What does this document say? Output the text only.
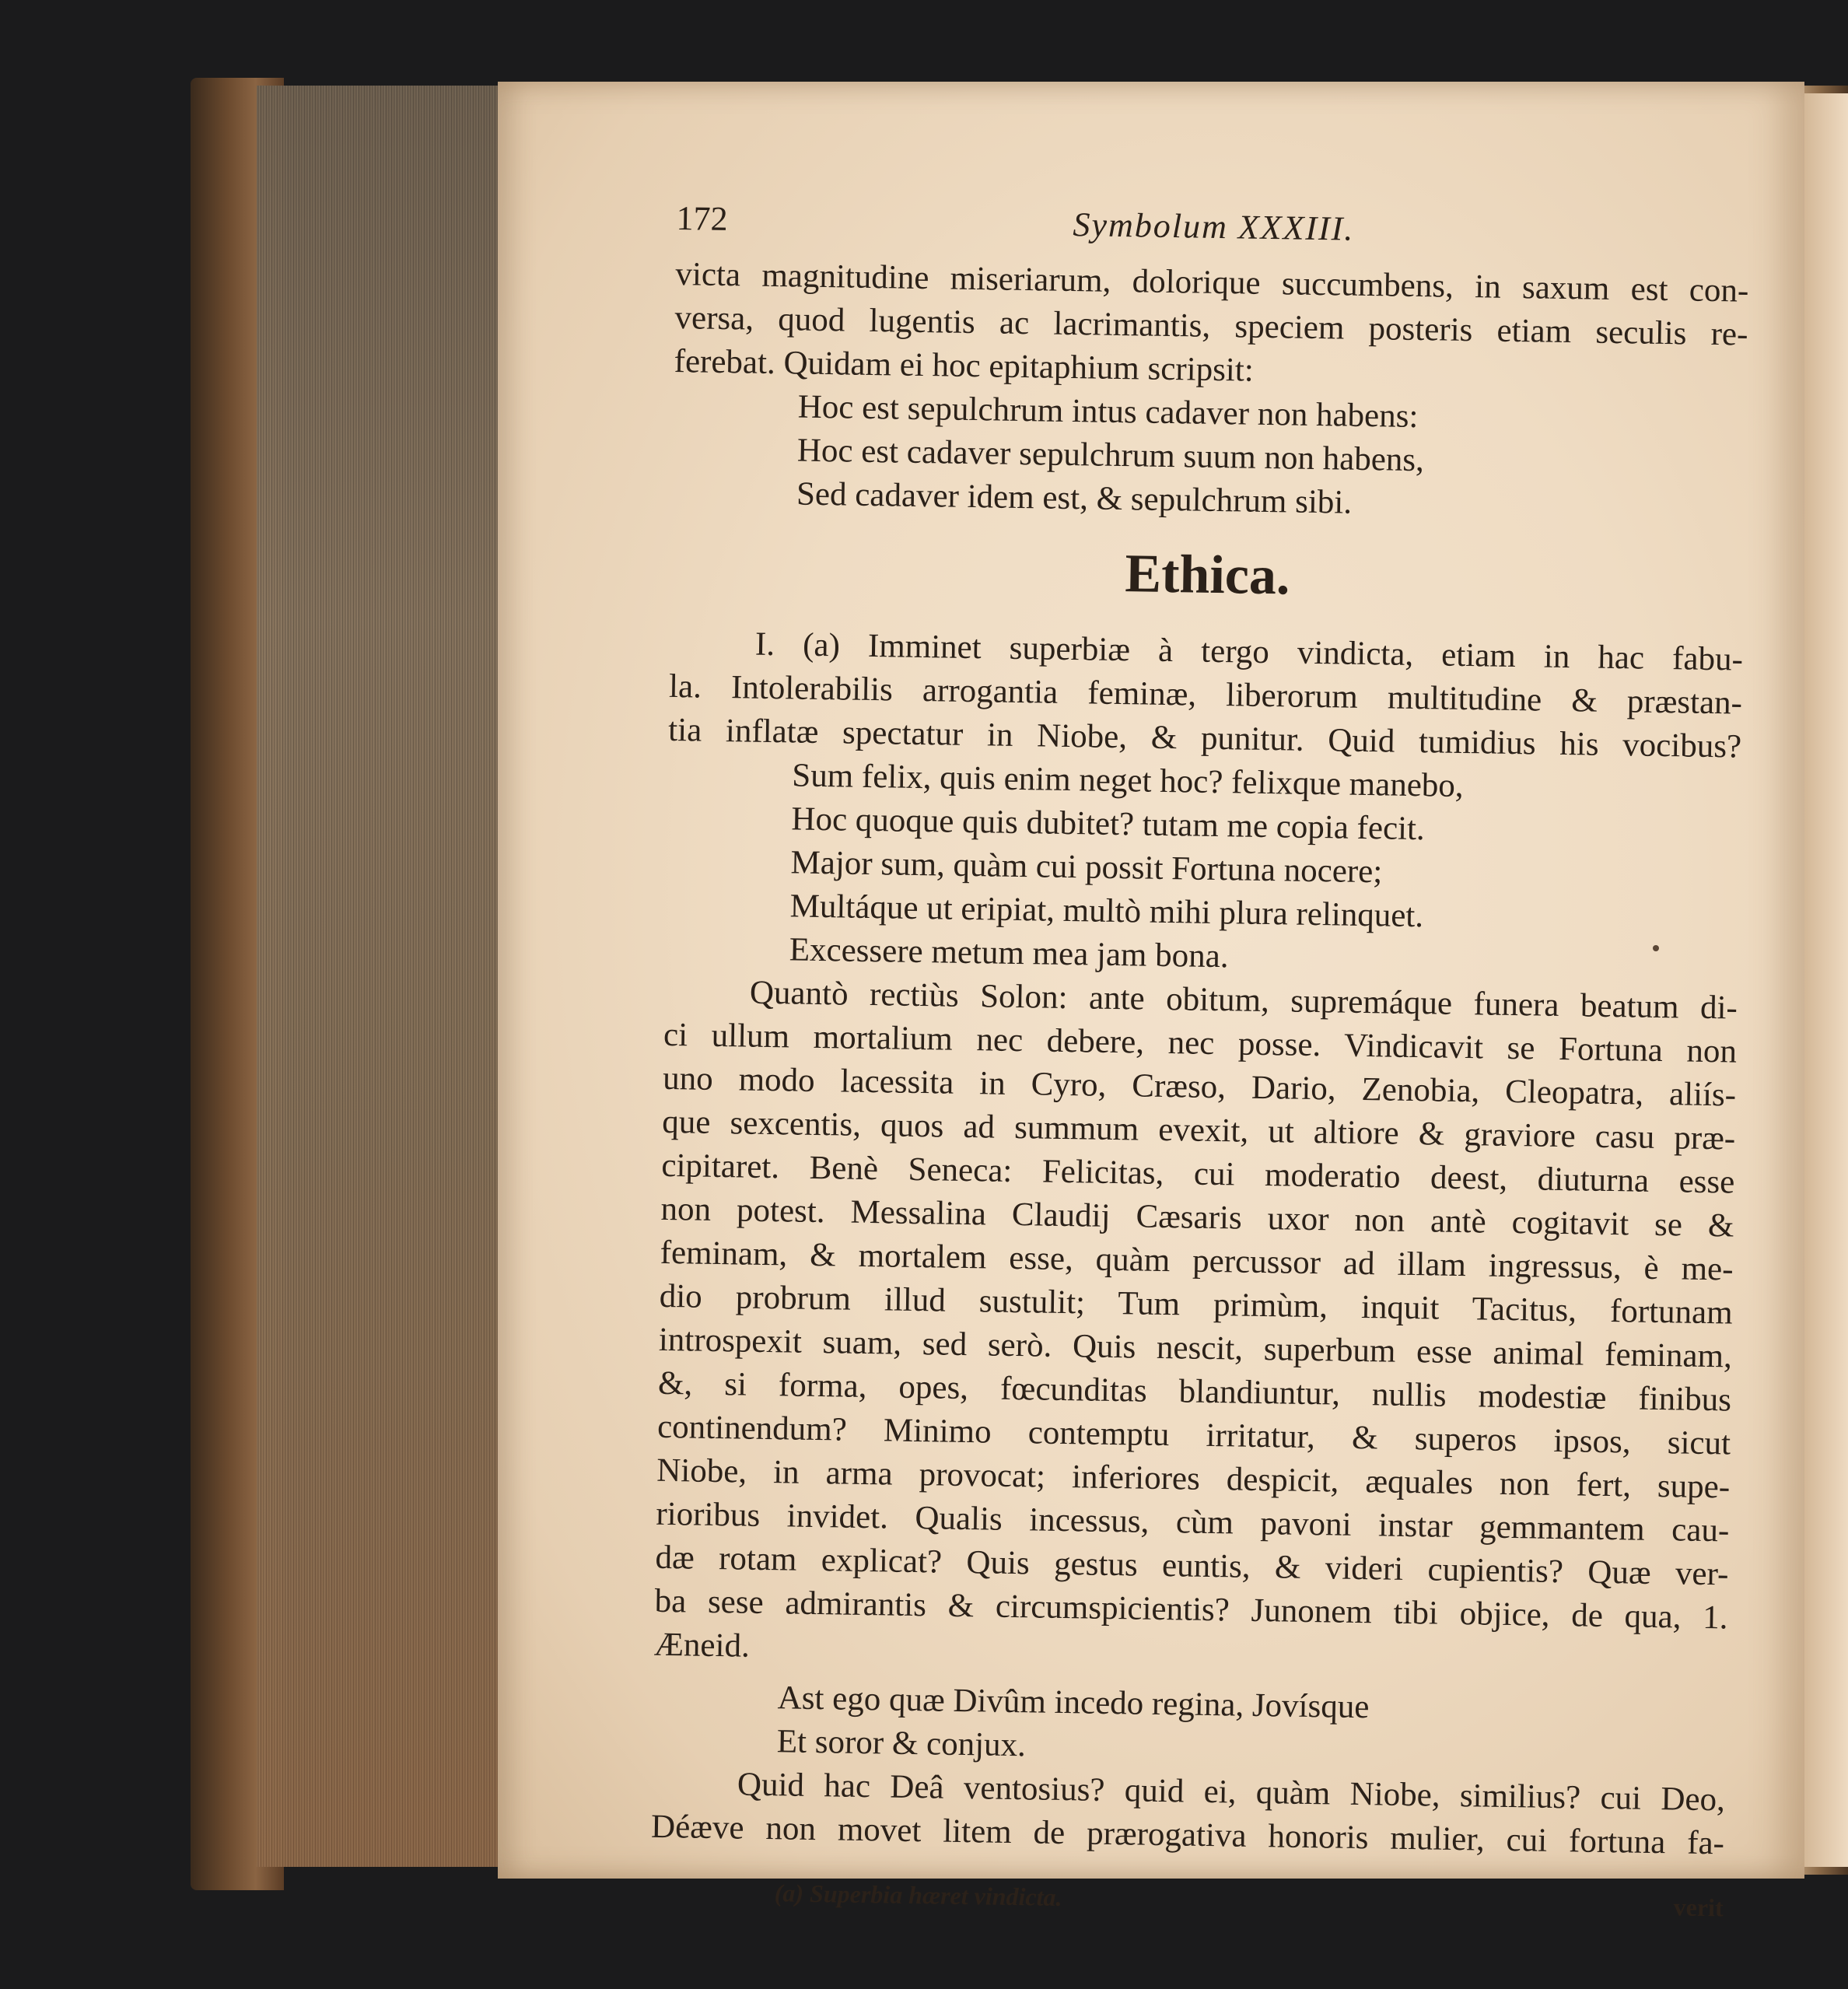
172	Symbolum XXXIII.
victa magnitudine miseriarum, dolorique succumbens, in saxum est con-
versa, quod lugentis ac lacrimantis, speciem posteris etiam seculis re-
ferebat. Quidam ei hoc epitaphium scripsit:
Hoc est sepulchrum intus cadaver non habens:
Hoc est cadaver sepulchrum suum non habens,
Sed cadaver idem est, & sepulchrum sibi.
Ethica.
I. (a) Imminet superbiæ à tergo vindicta, etiam in hac fabu-
la. Intolerabilis arrogantia feminæ, liberorum multitudine & præstan-
tia inflatæ spectatur in Niobe, & punitur. Quid tumidius his vocibus?
Sum felix, quis enim neget hoc? felixque manebo,
Hoc quoque quis dubitet? tutam me copia fecit.
Major sum, quàm cui possit Fortuna nocere;
Multáque ut eripiat, multò mihi plura relinquet.
Excessere metum mea jam bona.
Quantò rectiùs Solon: ante obitum, supremáque funera beatum di-
ci ullum mortalium nec debere, nec posse. Vindicavit se Fortuna non
uno modo lacessita in Cyro, Cræso, Dario, Zenobia, Cleopatra, aliís-
que sexcentis, quos ad summum evexit, ut altiore & graviore casu præ-
cipitaret. Benè Seneca: Felicitas, cui moderatio deest, diuturna esse
non potest. Messalina Claudij Cæsaris uxor non antè cogitavit se &
feminam, & mortalem esse, quàm percussor ad illam ingressus, è me-
dio probrum illud sustulit; Tum primùm, inquit Tacitus, fortunam
introspexit suam, sed serò. Quis nescit, superbum esse animal feminam,
&, si forma, opes, fœcunditas blandiuntur, nullis modestiæ finibus
continendum? Minimo contemptu irritatur, & superos ipsos, sicut
Niobe, in arma provocat; inferiores despicit, æquales non fert, supe-
rioribus invidet. Qualis incessus, cùm pavoni instar gemmantem cau-
dæ rotam explicat? Quis gestus euntis, & videri cupientis? Quæ ver-
ba sese admirantis & circumspicientis? Junonem tibi objice, de qua, 1.
Æneid.
Ast ego quæ Divûm incedo regina, Jovísque
Et soror & conjux.
Quid hac Deâ ventosius? quid ei, quàm Niobe, similius? cui Deo,
Déæve non movet litem de prærogativa honoris mulier, cui fortuna fa-
(a) Superbia hæret vindicta.	verit
